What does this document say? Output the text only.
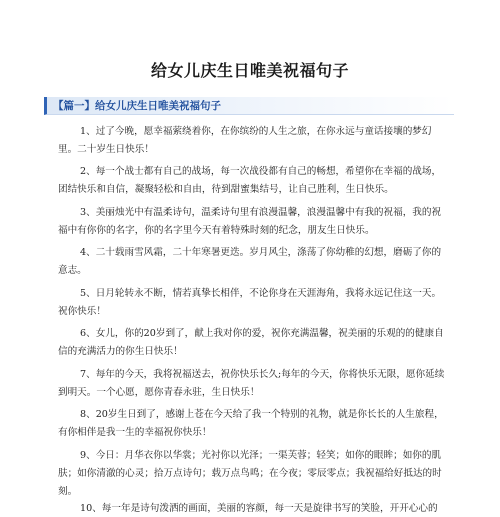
给女儿庆生日唯美祝福句子
【篇一】给女儿庆生日唯美祝福句子

1、过了今晚，愿幸福萦绕着你，在你缤纷的人生之旅，在你永远与童话接壤的梦幻里。二十岁生日快乐！

2、每一个战士都有自己的战场，每一次战役都有自己的畅想，希望你在幸福的战场，团结快乐和自信，凝聚轻松和自由，待到甜蜜集结号，让自己胜利，生日快乐。

3、美丽烛光中有温柔诗句，温柔诗句里有浪漫温馨，浪漫温馨中有我的祝福，我的祝福中有你你的名字，你的名字里今天有着特殊时刻的纪念，朋友生日快乐。

4、二十载雨雪风霜，二十年寒暑更迭。岁月风尘，涤荡了你幼稚的幻想，磨砺了你的意志。

5、日月轮转永不断，情若真挚长相伴，不论你身在天涯海角，我将永远记住这一天。祝你快乐！

6、女儿，你的20岁到了，献上我对你的爱，祝你充满温馨，祝美丽的乐观的的健康自信的充满活力的你生日快乐！

7、每年的今天，我将祝福送去，祝你快乐长久;每年的今天，你将快乐无限，愿你延续到明天。一个心愿，愿你青春永驻，生日快乐！

8、20岁生日到了，感谢上苍在今天给了我一个特别的礼物，就是你长长的人生旅程，有你相伴是我一生的幸福祝你快乐！

9、今日：月华衣你以华裳；光衬你以光泽；一渠芙蓉；轻笑；如你的眼眸；如你的肌肤；如你清澈的心灵；拾万点诗句；载万点鸟鸣；在今夜；零辰零点；我祝福给好抵达的时刻。

10、每一年是诗句泼洒的画面，美丽的容颜，每一天是旋律书写的笑脸，开开心心的
